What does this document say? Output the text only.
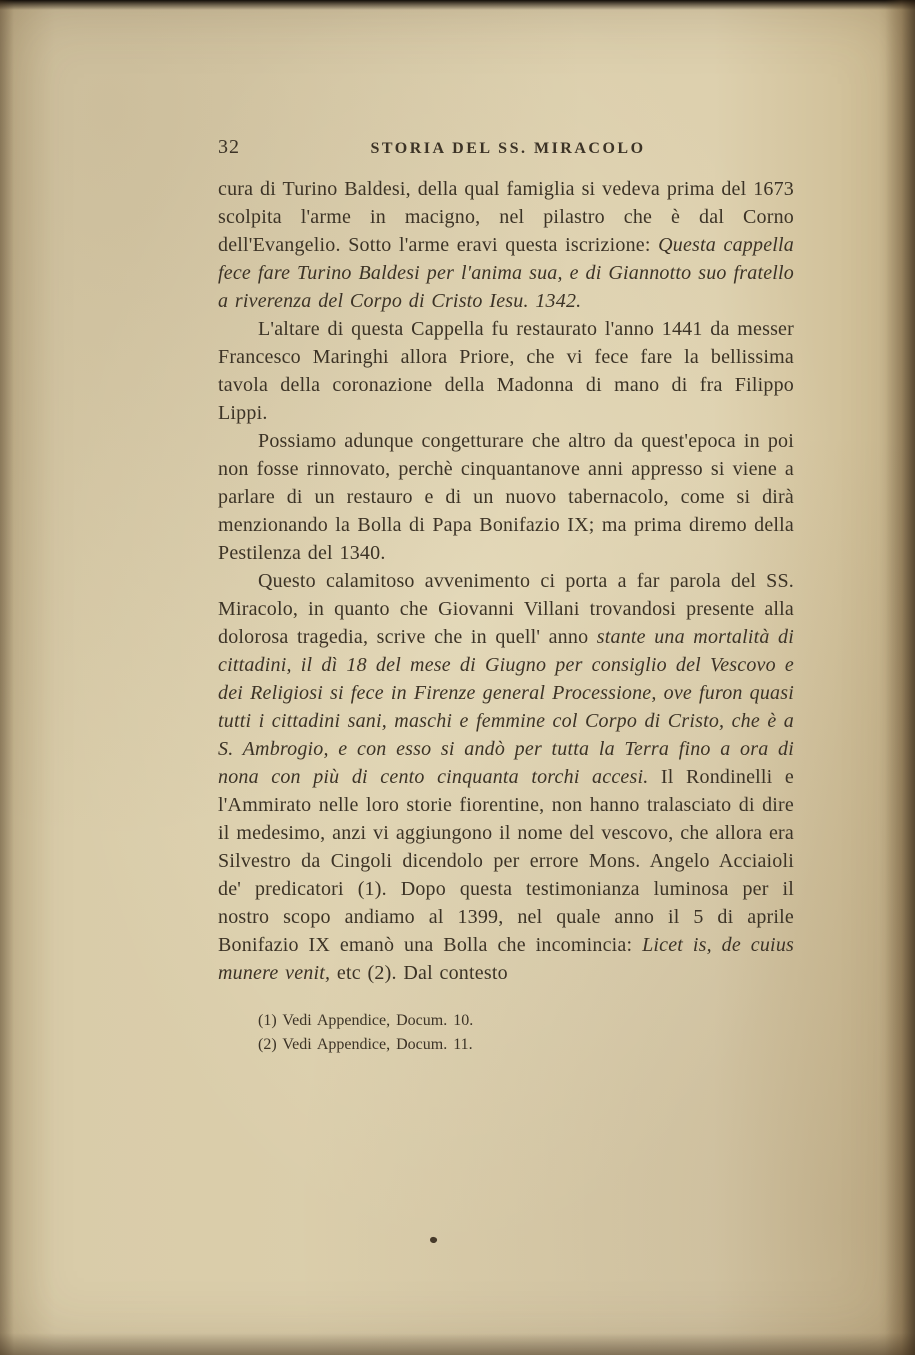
32	STORIA DEL SS. MIRACOLO

cura di Turino Baldesi, della qual famiglia si vedeva prima del 1673 scolpita l'arme in macigno, nel pilastro che è dal Corno dell'Evangelio. Sotto l'arme eravi questa iscrizione: Questa cappella fece fare Turino Baldesi per l'anima sua, e di Giannotto suo fratello a riverenza del Corpo di Cristo Iesu. 1342.

L'altare di questa Cappella fu restaurato l'anno 1441 da messer Francesco Maringhi allora Priore, che vi fece fare la bellissima tavola della coronazione della Madonna di mano di fra Filippo Lippi.

Possiamo adunque congetturare che altro da quest'epoca in poi non fosse rinnovato, perchè cinquantanove anni appresso si viene a parlare di un restauro e di un nuovo tabernacolo, come si dirà menzionando la Bolla di Papa Bonifazio IX; ma prima diremo della Pestilenza del 1340.

Questo calamitoso avvenimento ci porta a far parola del SS. Miracolo, in quanto che Giovanni Villani trovandosi presente alla dolorosa tragedia, scrive che in quell' anno stante una mortalità di cittadini, il dì 18 del mese di Giugno per consiglio del Vescovo e dei Religiosi si fece in Firenze general Processione, ove furon quasi tutti i cittadini sani, maschi e femmine col Corpo di Cristo, che è a S. Ambrogio, e con esso si andò per tutta la Terra fino a ora di nona con più di cento cinquanta torchi accesi. Il Rondinelli e l'Ammirato nelle loro storie fiorentine, non hanno tralasciato di dire il medesimo, anzi vi aggiungono il nome del vescovo, che allora era Silvestro da Cingoli dicendolo per errore Mons. Angelo Acciaioli de' predicatori (1). Dopo questa testimonianza luminosa per il nostro scopo andiamo al 1399, nel quale anno il 5 di aprile Bonifazio IX emanò una Bolla che incomincia: Licet is, de cuius munere venit, etc (2). Dal contesto

(1) Vedi Appendice, Docum. 10.
(2) Vedi Appendice, Docum. 11.
